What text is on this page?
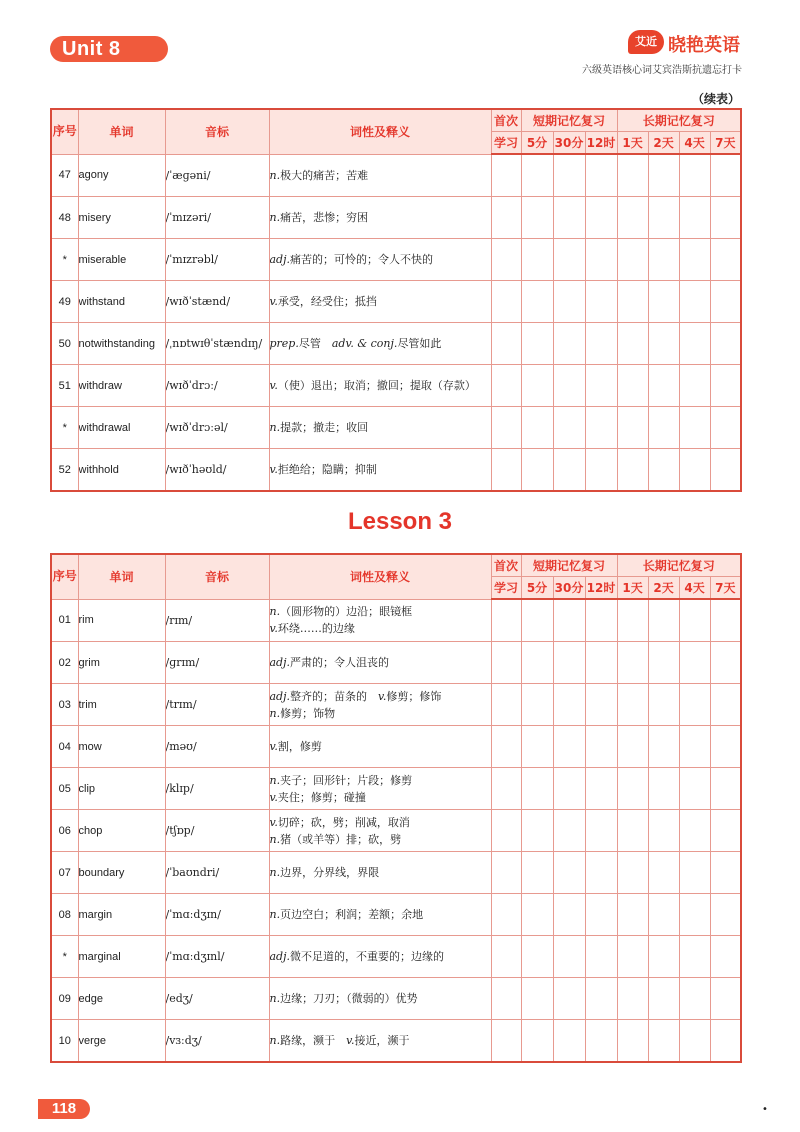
Unit 8	艾近 晓艳英语
六级英语核心词艾宾浩斯抗遗忘打卡
（续表）
序号	单词	音标	词性及释义	首次	短期记忆复习			长期记忆复习			
				学习	5分	30分	12时	1天	2天	4天	7天
47	agony	/ˈæɡəni/	n.极大的痛苦；苦难								

48	misery	/ˈmɪzəri/	n.痛苦，悲惨；穷困								

*	miserable	/ˈmɪzrəbl/	adj.痛苦的；可怜的；令人不快的								

49	withstand	/wɪðˈstænd/	v.承受，经受住；抵挡								

50	notwithstanding	/ˌnɒtwɪθˈstændɪŋ/	prep.尽管　adv. & conj.尽管如此								

51	withdraw	/wɪðˈdrɔː/	v.（使）退出；取消；撤回；提取（存款）								

*	withdrawal	/wɪðˈdrɔːəl/	n.提款；撤走；收回								

52	withhold	/wɪðˈhəʊld/	v.拒绝给；隐瞒；抑制								

Lesson 3
序号	单词	音标	词性及释义	首次	短期记忆复习			长期记忆复习			
				学习	5分	30分	12时	1天	2天	4天	7天
01	rim	/rɪm/	n.（圆形物的）边沿；眼镜框
v.环绕……的边缘								

02	grim	/ɡrɪm/	adj.严肃的；令人沮丧的								

03	trim	/trɪm/	adj.整齐的；苗条的　v.修剪；修饰
n.修剪；饰物								

04	mow	/məʊ/	v.割，修剪								

05	clip	/klɪp/	n.夹子；回形针；片段；修剪
v.夹住；修剪；碰撞								

06	chop	/tʃɒp/	v.切碎；砍，劈；削减，取消
n.猪（或羊等）排；砍，劈								

07	boundary	/ˈbaʊndri/	n.边界，分界线，界限								

08	margin	/ˈmɑːdʒɪn/	n.页边空白；利润；差额；余地								

*	marginal	/ˈmɑːdʒɪnl/	adj.微不足道的，不重要的；边缘的								

09	edge	/edʒ/	n.边缘；刀刃；（微弱的）优势								

10	verge	/vɜːdʒ/	n.路缘，濒于　v.接近，濒于								

118	•
